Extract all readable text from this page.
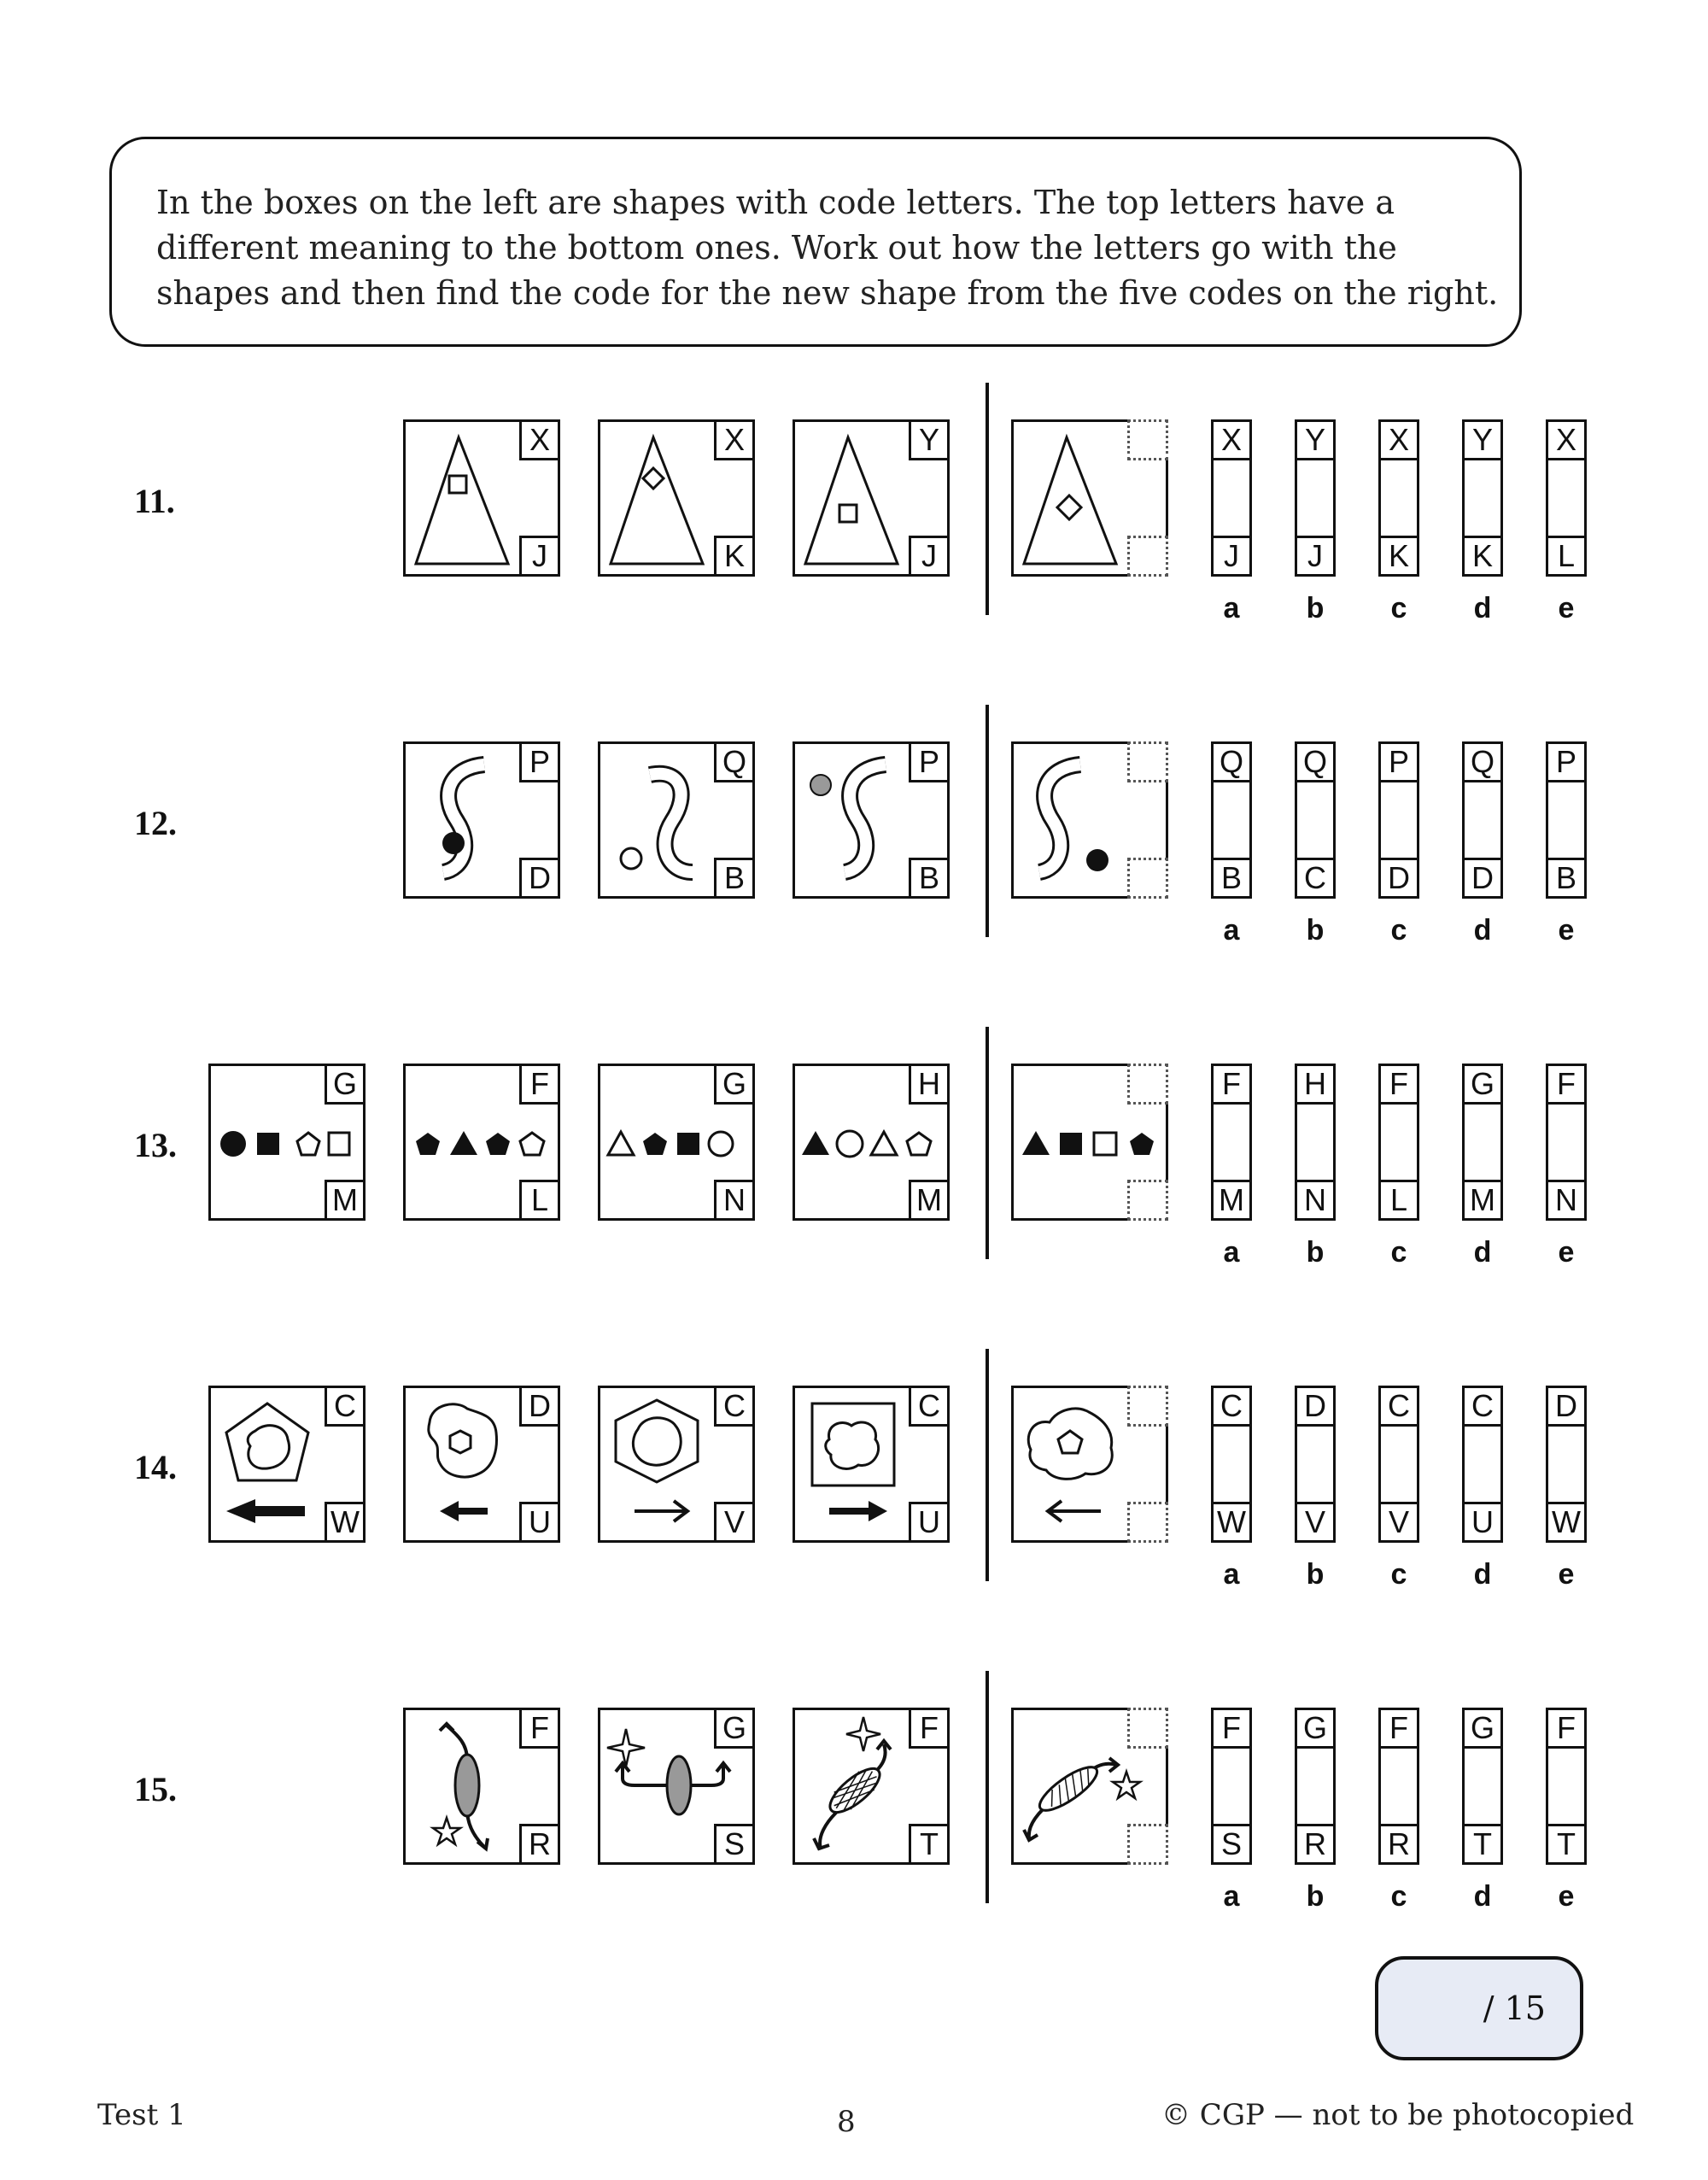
In the boxes on the left are shapes with code letters. The top letters have a
different meaning to the bottom ones. Work out how the letters go with the
shapes and then find the code for the new shape from the five codes on the right.
11.
X
J
X
K
Y
J
X
J
Y
J
X
K
Y
K
X
L
a	b	c	d	e
12.
P
D
Q
B
P
B
Q
B
Q
C
P
D
Q
D
P
B
a	b	c	d	e
13.
G
M
F
L
G
N
H
M
F
M
H
N
F
L
G
M
F
N
a	b	c	d	e
14.
C
W
D
U
C
V
C
U
C
W
D
V
C
V
C
U
D
W
a	b	c	d	e
15.
F
R
G
S
F
T
F
S
G
R
F
R
G
T
F
T
a	b	c	d	e
/ 15
Test 1	8	© CGP — not to be photocopied
